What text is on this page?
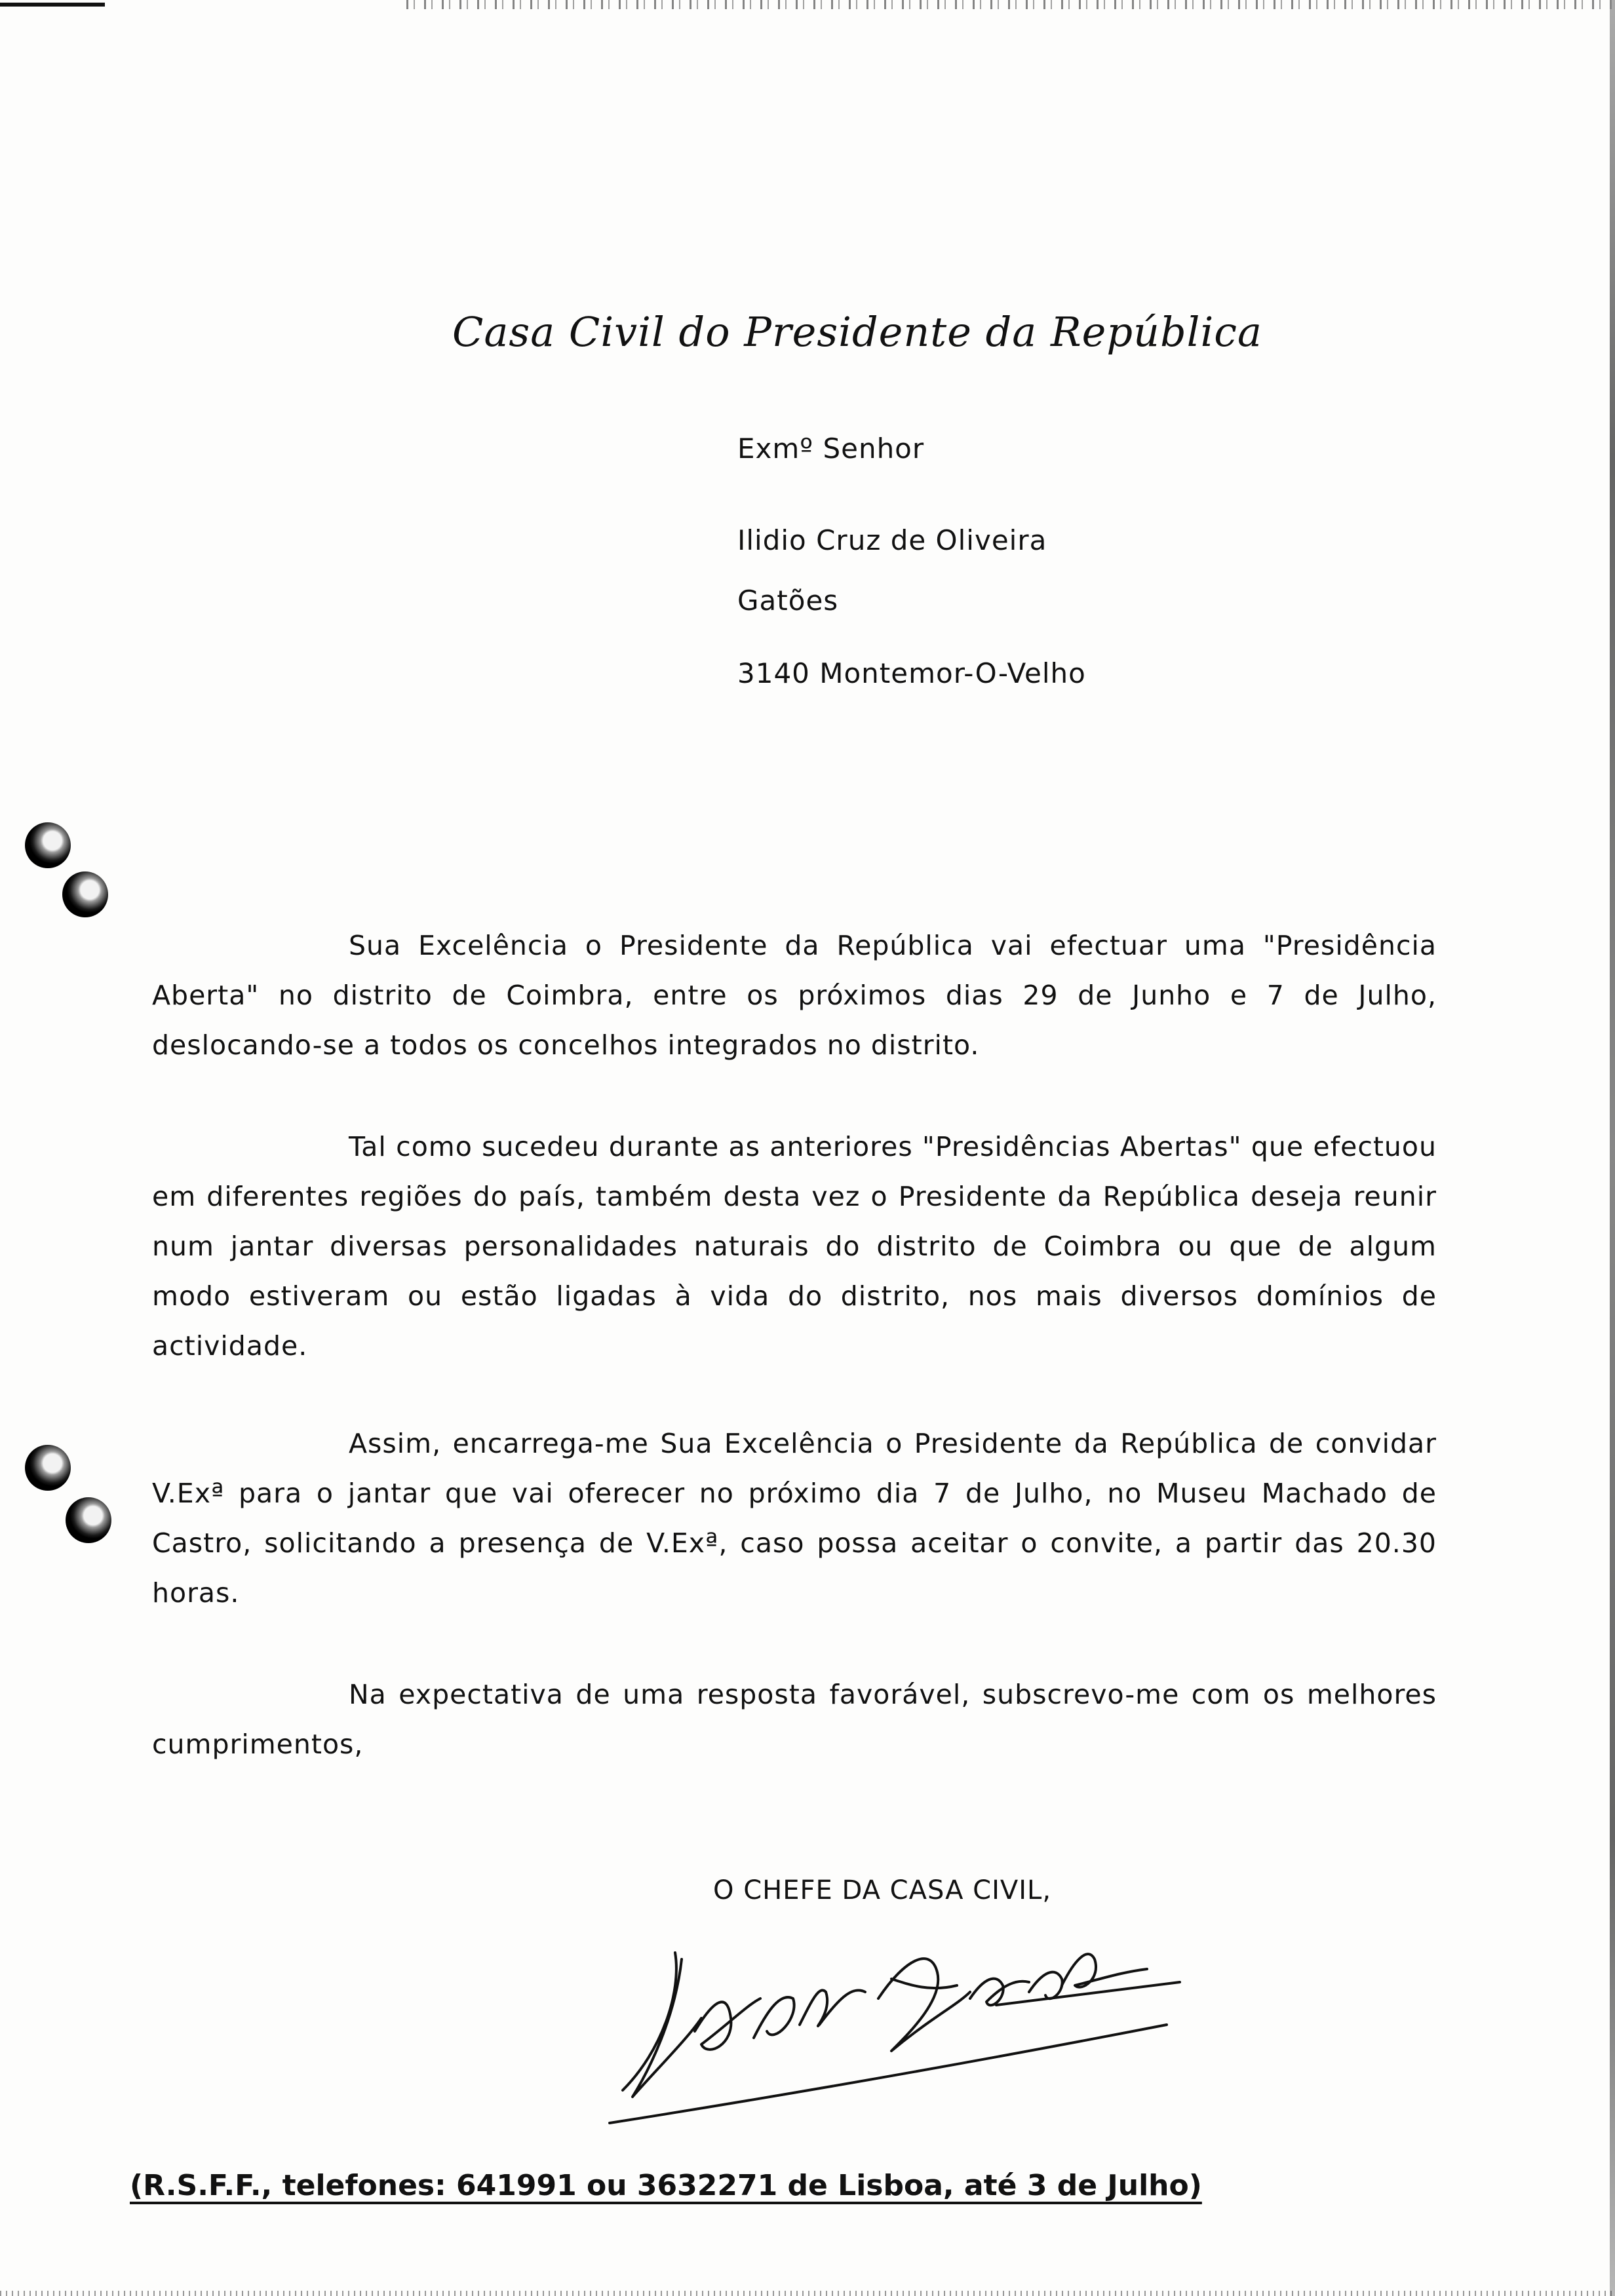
Casa Civil do Presidente da República
Exmº Senhor
Ilidio Cruz de Oliveira
Gatões
3140 Montemor-O-Velho

Sua Excelência o Presidente da República vai efectuar uma "Presidência Aberta" no distrito de Coimbra, entre os próximos dias 29 de Junho e 7 de Julho, deslocando-se a todos os concelhos integrados no distrito.

Tal como sucedeu durante as anteriores "Presidências Abertas" que efectuou em diferentes regiões do país, também desta vez o Presidente da República deseja reunir num jantar diversas personalidades naturais do distrito de Coimbra ou que de algum modo estiveram ou estão ligadas à vida do distrito, nos mais diversos domínios de actividade.

Assim, encarrega-me Sua Excelência o Presidente da República de convidar V.Exª para o jantar que vai oferecer no próximo dia 7 de Julho, no Museu Machado de Castro, solicitando a presença de V.Exª, caso possa aceitar o convite, a partir das 20.30 horas.

Na expectativa de uma resposta favorável, subscrevo-me com os melhores cumprimentos,

O CHEFE DA CASA CIVIL,
(R.S.F.F., telefones: 641991 ou 3632271 de Lisboa, até 3 de Julho)
